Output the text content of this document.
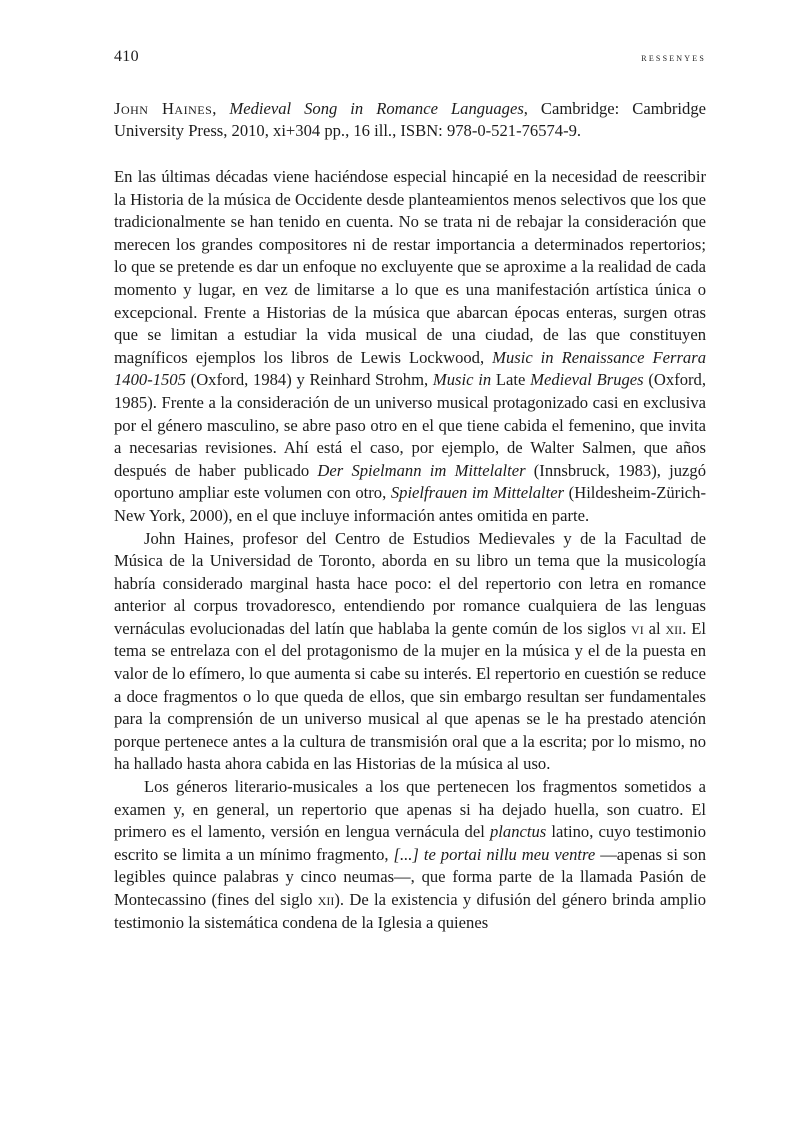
410	ressenyes

John Haines, Medieval Song in Romance Languages, Cambridge: Cambridge University Press, 2010, xi+304 pp., 16 ill., ISBN: 978-0-521-76574-9.

En las últimas décadas viene haciéndose especial hincapié en la necesidad de reescribir la Historia de la música de Occidente desde planteamientos menos selectivos que los que tradicionalmente se han tenido en cuenta. No se trata ni de rebajar la consideración que merecen los grandes compositores ni de restar importancia a determinados repertorios; lo que se pretende es dar un enfoque no excluyente que se aproxime a la realidad de cada momento y lugar, en vez de limitarse a lo que es una manifestación artística única o excepcional. Frente a Historias de la música que abarcan épocas enteras, surgen otras que se limitan a estudiar la vida musical de una ciudad, de las que constituyen magníficos ejemplos los libros de Lewis Lockwood, Music in Renaissance Ferrara 1400-1505 (Oxford, 1984) y Reinhard Strohm, Music in Late Medieval Bruges (Oxford, 1985). Frente a la consideración de un universo musical protagonizado casi en exclusiva por el género masculino, se abre paso otro en el que tiene cabida el femenino, que invita a necesarias revisiones. Ahí está el caso, por ejemplo, de Walter Salmen, que años después de haber publicado Der Spielmann im Mittelalter (Innsbruck, 1983), juzgó oportuno ampliar este volumen con otro, Spielfrauen im Mittelalter (Hildesheim-Zürich-New York, 2000), en el que incluye información antes omitida en parte.

John Haines, profesor del Centro de Estudios Medievales y de la Facultad de Música de la Universidad de Toronto, aborda en su libro un tema que la musicología habría considerado marginal hasta hace poco: el del repertorio con letra en romance anterior al corpus trovadoresco, entendiendo por romance cualquiera de las lenguas vernáculas evolucionadas del latín que hablaba la gente común de los siglos vi al xii. El tema se entrelaza con el del protagonismo de la mujer en la música y el de la puesta en valor de lo efímero, lo que aumenta si cabe su interés. El repertorio en cuestión se reduce a doce fragmentos o lo que queda de ellos, que sin embargo resultan ser fundamentales para la comprensión de un universo musical al que apenas se le ha prestado atención porque pertenece antes a la cultura de transmisión oral que a la escrita; por lo mismo, no ha hallado hasta ahora cabida en las Historias de la música al uso.

Los géneros literario-musicales a los que pertenecen los fragmentos sometidos a examen y, en general, un repertorio que apenas si ha dejado huella, son cuatro. El primero es el lamento, versión en lengua vernácula del planctus latino, cuyo testimonio escrito se limita a un mínimo fragmento, [...] te portai nillu meu ventre —apenas si son legibles quince palabras y cinco neumas—, que forma parte de la llamada Pasión de Montecassino (fines del siglo xii). De la existencia y difusión del género brinda amplio testimonio la sistemática condena de la Iglesia a quienes
